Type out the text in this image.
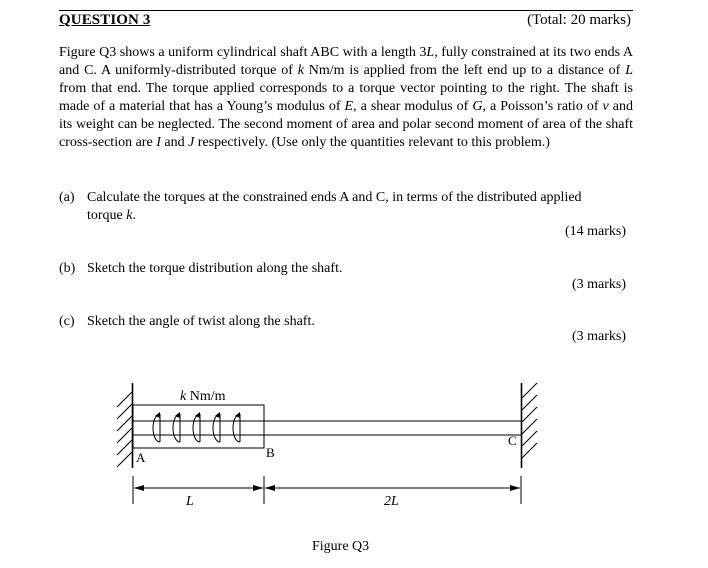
QUESTION 3	(Total: 20 marks)
Figure Q3 shows a uniform cylindrical shaft ABC with a length 3L, fully constrained at its two ends A and C. A uniformly-distributed torque of k Nm/m is applied from the left end up to a distance of L from that end. The torque applied corresponds to a torque vector pointing to the right. The shaft is made of a material that has a Young’s modulus of E, a shear modulus of G, a Poisson’s ratio of ν and its weight can be neglected. The second moment of area and polar second moment of area of the shaft cross-section are I and J respectively. (Use only the quantities relevant to this problem.)
(a) Calculate the torques at the constrained ends A and C, in terms of the distributed applied
torque k.
(14 marks)
(b) Sketch the torque distribution along the shaft.
(3 marks)
(c) Sketch the angle of twist along the shaft.
(3 marks)
k Nm/m
A	B
C
L	2L
Figure Q3
